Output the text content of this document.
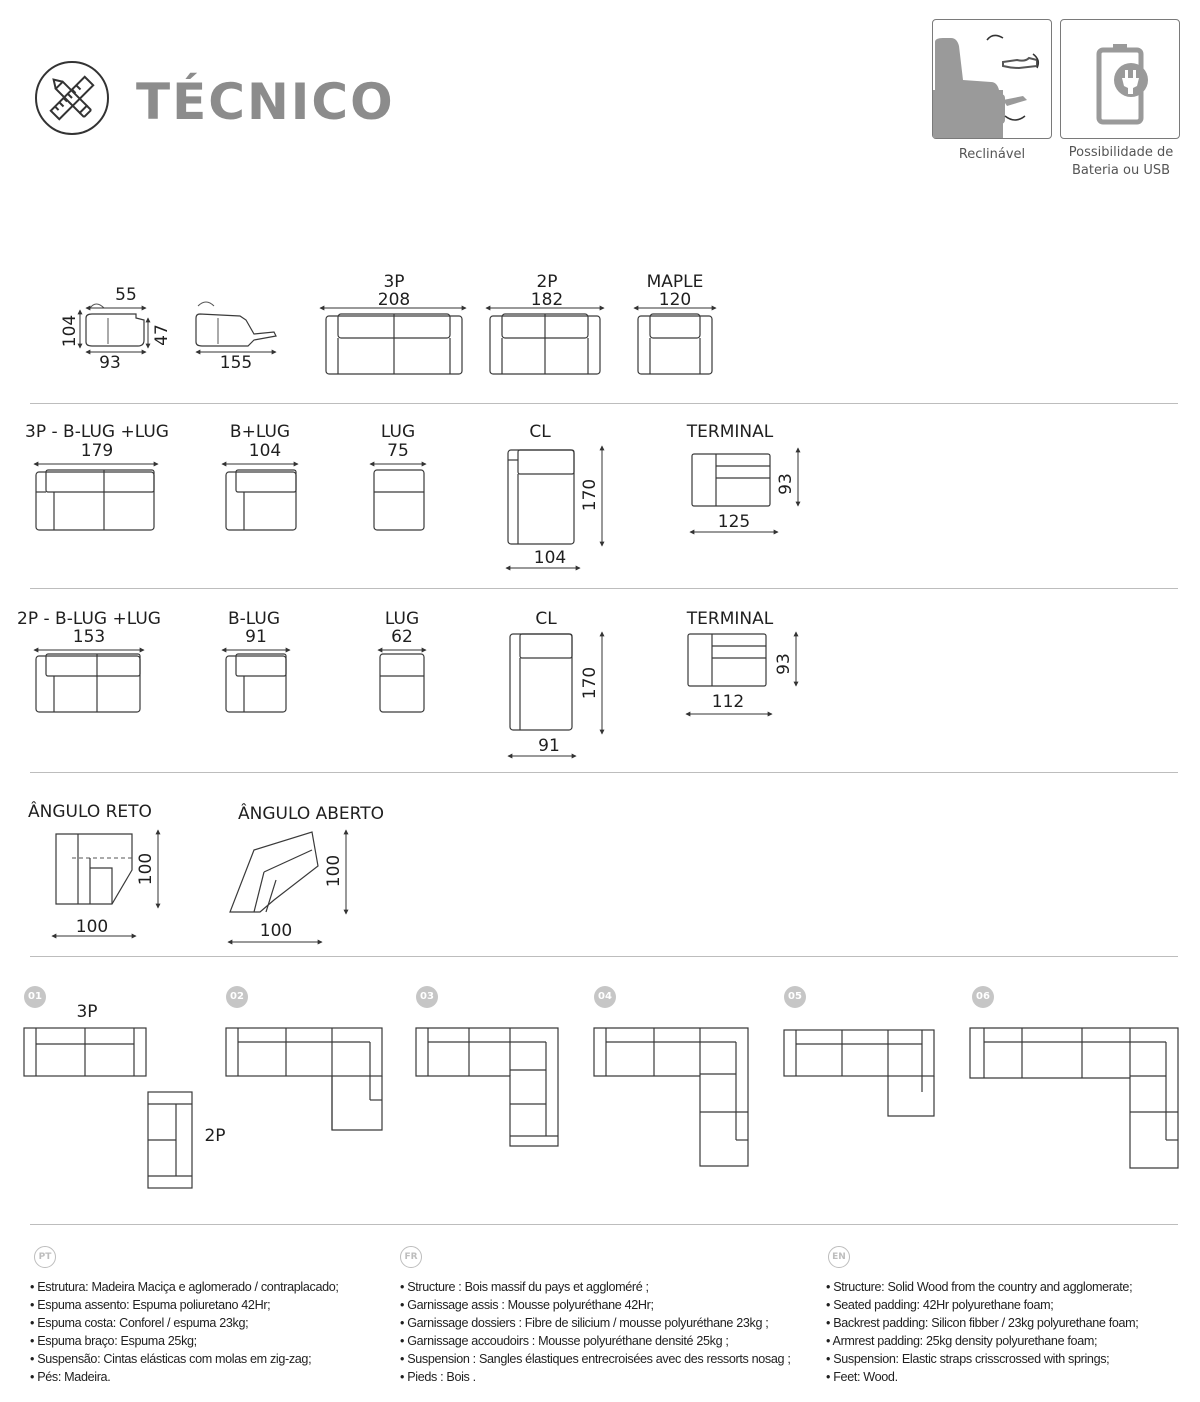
TÉCNICO
Reclinável	Possibilidade de
Bateria ou USB
55
104	47
93	155
3P
208
2P
182
MAPLE
120
3P - B-LUG +LUG
179
B+LUG
104
LUG
75
CL
170
104
TERMINAL
93
125
2P - B-LUG +LUG
153
B-LUG
91
LUG
62
CL
170
91
TERMINAL
93
112
ÂNGULO RETO
100
100
ÂNGULO ABERTO
100
100
01	02	03	04	05	06
3P
2P
PT	FR	EN
• Estrutura: Madeira Maciça e aglomerado / contraplacado;
• Espuma assento: Espuma poliuretano 42Hr;
• Espuma costa: Conforel / espuma 23kg;
• Espuma braço: Espuma 25kg;
• Suspensão: Cintas elásticas com molas em zig-zag;
• Pés: Madeira.
• Structure : Bois massif du pays et aggloméré ;
• Garnissage assis : Mousse polyuréthane 42Hr;
• Garnissage dossiers : Fibre de silicium / mousse polyuréthane 23kg ;
• Garnissage accoudoirs : Mousse polyuréthane densité 25kg ;
• Suspension : Sangles élastiques entrecroisées avec des ressorts nosag ;
• Pieds : Bois .
• Structure: Solid Wood from the country and agglomerate;
• Seated padding: 42Hr polyurethane foam;
• Backrest padding: Silicon fibber / 23kg polyurethane foam;
• Armrest padding: 25kg density polyurethane foam;
• Suspension: Elastic straps crisscrossed with springs;
• Feet: Wood.
